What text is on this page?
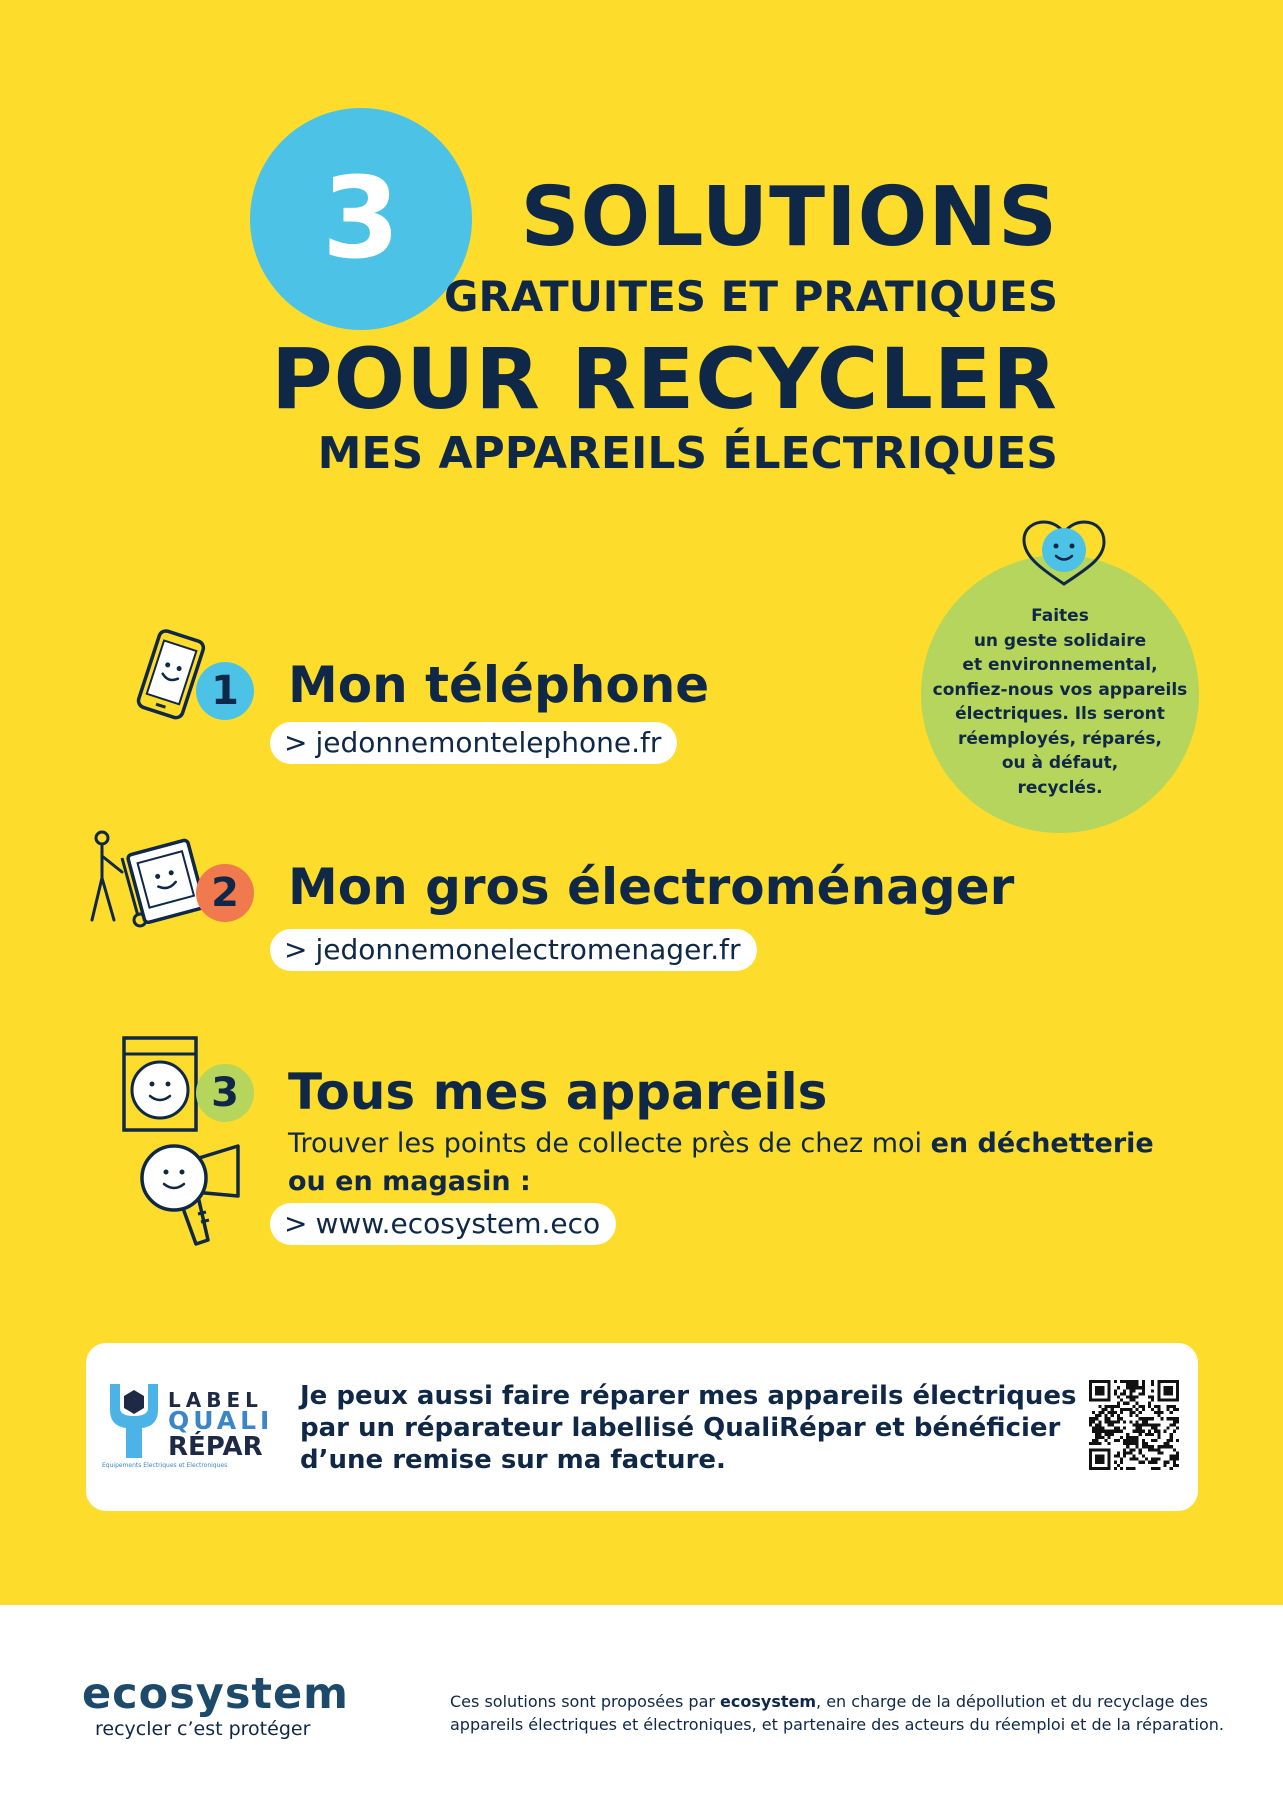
3	SOLUTIONS
GRATUITES ET PRATIQUES
POUR RECYCLER
MES APPAREILS ÉLECTRIQUES
Faites
un geste solidaire
et environnemental,
confiez-nous vos appareils
électriques. Ils seront
réemployés, réparés,
ou à défaut,
recyclés.
1 Mon téléphone
> jedonnemontelephone.fr
2 Mon gros électroménager
> jedonnemonelectromenager.fr
3 Tous mes appareils
Trouver les points de collecte près de chez moi en déchetterie
ou en magasin :
> www.ecosystem.eco
LABEL
QUALI
RÉPAR
Équipements Électriques et Électroniques
Je peux aussi faire réparer mes appareils électriques par un réparateur labellisé QualiRépar et bénéficier d’une remise sur ma facture.
ecosystem
recycler c’est protéger
Ces solutions sont proposées par ecosystem, en charge de la dépollution et du recyclage des appareils électriques et électroniques, et partenaire des acteurs du réemploi et de la réparation.
